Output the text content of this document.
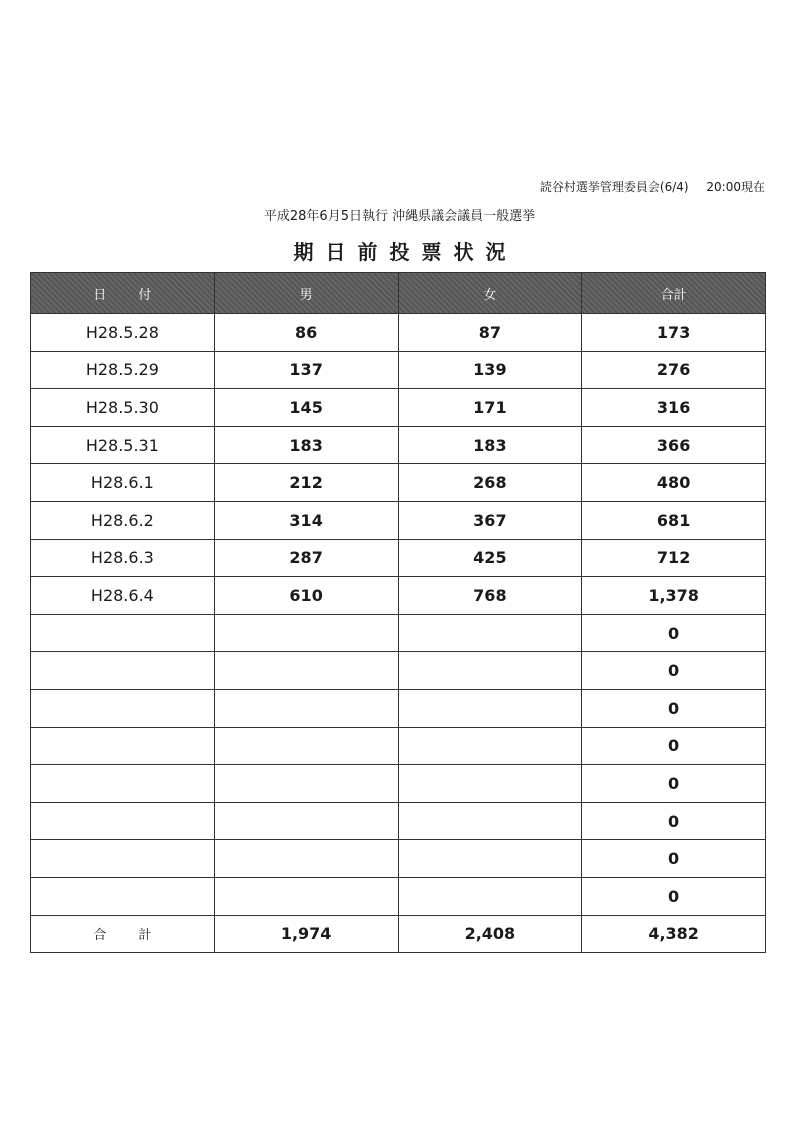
読谷村選挙管理委員会(6/4) 20:00現在
平成28年6月5日執行 沖縄県議会議員一般選挙
期日前投票状況
日 付	男	女	合計
H28.5.28	86	87	173
H28.5.29	137	139	276
H28.5.30	145	171	316
H28.5.31	183	183	366
H28.6.1	212	268	480
H28.6.2	314	367	681
H28.6.3	287	425	712
H28.6.4	610	768	1,378
			0
			0
			0
			0
			0
			0
			0
			0
合 計	1,974	2,408	4,382
